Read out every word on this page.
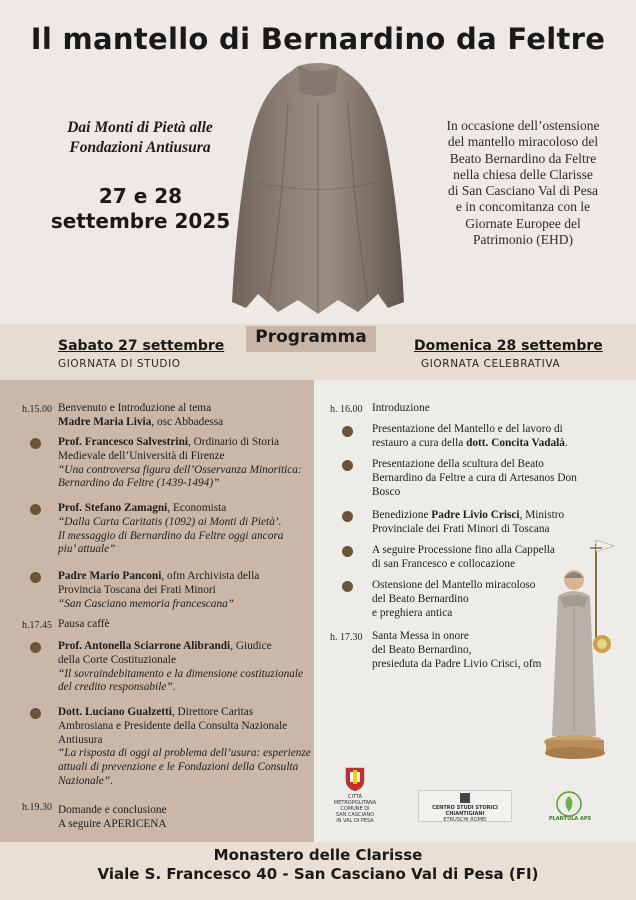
Il mantello di Bernardino da Feltre
Dai Monti di Pietà alle
Fondazioni Antiusura
27 e 28
settembre 2025
In occasione dell’ostensione
del mantello miracoloso del
Beato Bernardino da Feltre
nella chiesa delle Clarisse
di San Casciano Val di Pesa
e in concomitanza con le
Giornate Europee del
Patrimonio (EHD)
Programma
Sabato 27 settembre
GIORNATA DI STUDIO
Domenica 28 settembre
GIORNATA CELEBRATIVA
h.15.00 Benvenuto e Introduzione al tema
Madre Maria Livia, osc Abbadessa
Prof. Francesco Salvestrini, Ordinario di Storia
Medievale dell’Università di Firenze
“Una controversa figura dell’Osservanza Minoritica:
Bernardino da Feltre (1439-1494)”
Prof. Stefano Zamagni, Economista
“Dalla Carta Caritatis (1092) ai Monti di Pietà’.
Il messaggio di Bernardino da Feltre oggi ancora
piu’ attuale”
Padre Mario Panconi, ofm Archivista della
Provincia Toscana dei Frati Minori
“San Casciano memoria francescana”
h.17.45 Pausa caffè
Prof. Antonella Sciarrone Alibrandi, Giudice
della Corte Costituzionale
“Il sovraindebitamento e la dimensione costituzionale
del credito responsabile”.
Dott. Luciano Gualzetti, Direttore Caritas
Ambrosiana e Presidente della Consulta Nazionale
Antiusura
“La risposta di oggi al problema dell’usura: esperienze
attuali di prevenzione e le Fondazioni della Consulta
Nazionale”.
h.19.30 Domande e conclusione
A seguire APERICENA
h. 16.00 Introduzione
Presentazione del Mantello e del lavoro di
restauro a cura della dott. Concita Vadalà.
Presentazione della scultura del Beato
Bernardino da Feltre a cura di Artesanos Don
Bosco
Benedizione Padre Livio Crisci, Ministro
Provinciale dei Frati Minori di Toscana
A seguire Processione fino alla Cappella
di san Francesco e collocazione
Ostensione del Mantello miracoloso
del Beato Bernardino
e preghiera antica
h. 17.30 Santa Messa in onore
del Beato Bernardino,
presieduta da Padre Livio Crisci, ofm
CITTÀ METROPOLITANA
COMUNE DI
SAN CASCIANO
IN VAL DI PESA
CENTRO STUDI STORICI CHIANTIGIANI
ETRUSCHI ROMEI	PLANTULA APS
Monastero delle Clarisse
Viale S. Francesco 40 - San Casciano Val di Pesa (FI)
